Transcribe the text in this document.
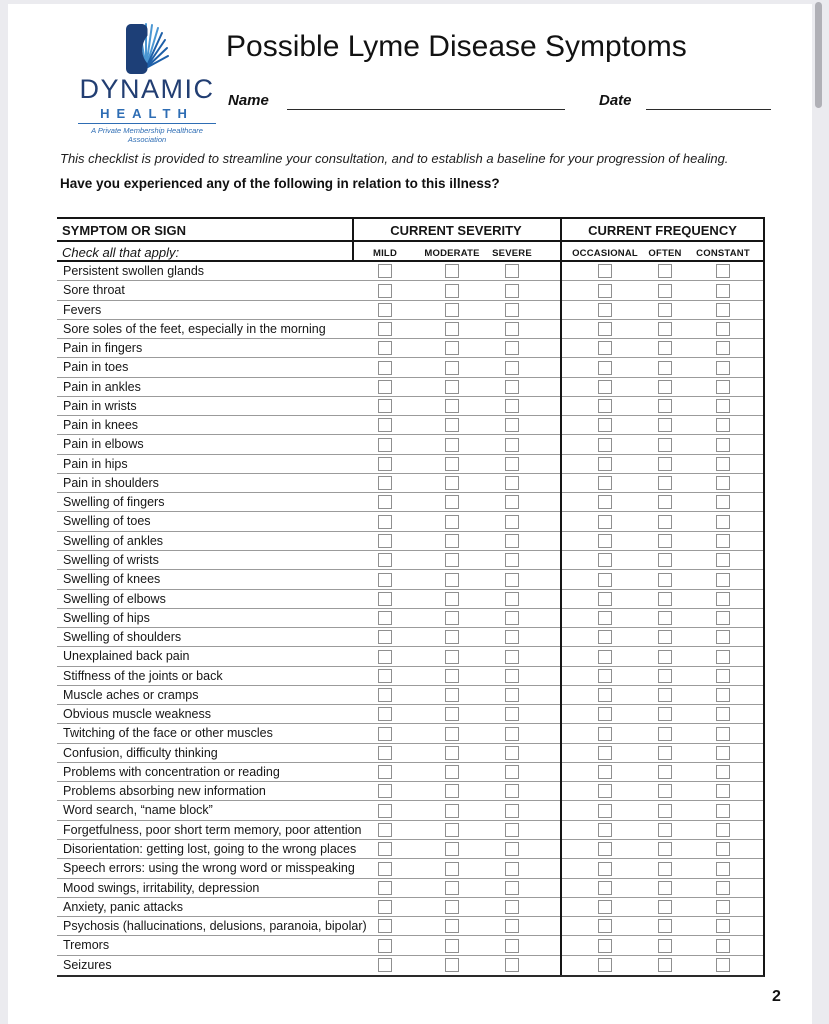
DYNAMIC
HEALTH
A Private Membership Healthcare Association
Possible Lyme Disease Symptoms
Name	Date
This checklist is provided to streamline your consultation, and to establish a baseline for your progression of healing.
Have you experienced any of the following in relation to this illness?
SYMPTOM OR SIGN	CURRENT SEVERITY	CURRENT FREQUENCY
Check all that apply:	MILD	MODERATE SEVERE	OCCASIONAL OFTEN CONSTANT
Persistent swollen glands
Sore throat
Fevers
Sore soles of the feet, especially in the morning
Pain in fingers
Pain in toes
Pain in ankles
Pain in wrists
Pain in knees
Pain in elbows
Pain in hips
Pain in shoulders
Swelling of fingers
Swelling of toes
Swelling of ankles
Swelling of wrists
Swelling of knees
Swelling of elbows
Swelling of hips
Swelling of shoulders
Unexplained back pain
Stiffness of the joints or back
Muscle aches or cramps
Obvious muscle weakness
Twitching of the face or other muscles
Confusion, difficulty thinking
Problems with concentration or reading
Problems absorbing new information
Word search, “name block”
Forgetfulness, poor short term memory, poor attention
Disorientation: getting lost, going to the wrong places
Speech errors: using the wrong word or misspeaking
Mood swings, irritability, depression
Anxiety, panic attacks
Psychosis (hallucinations, delusions, paranoia, bipolar)
Tremors
Seizures
2
